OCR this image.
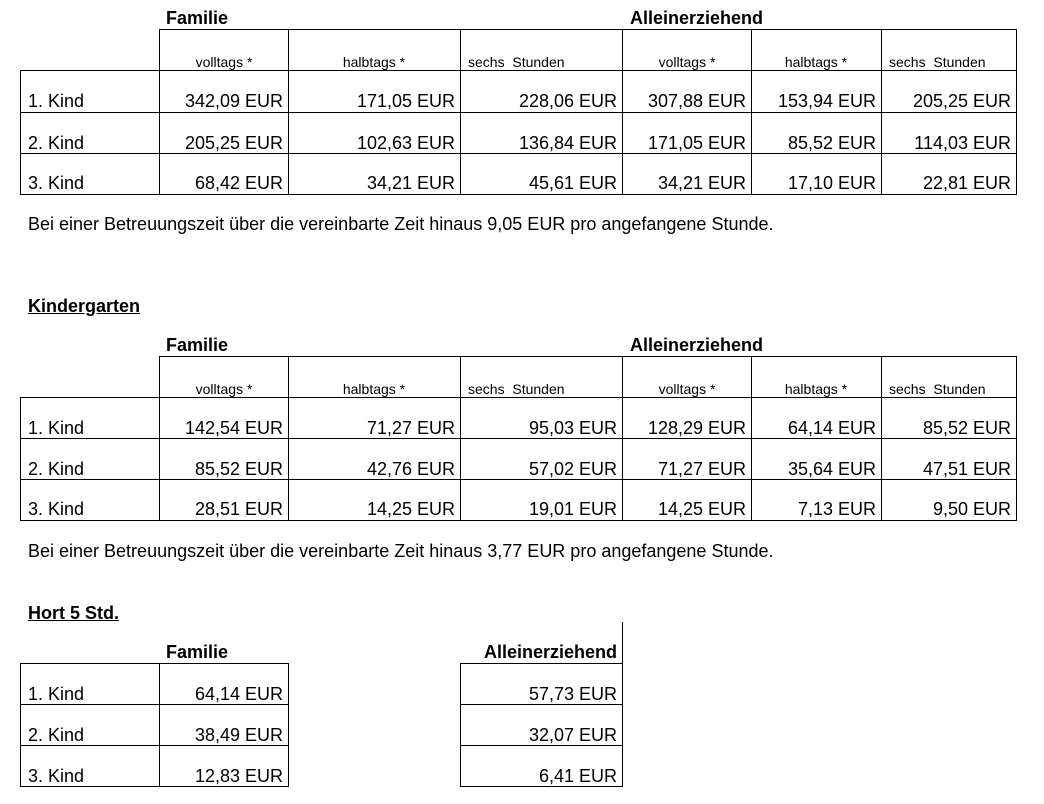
Familie	Alleinerziehend
volltags *	halbtags *	sechs  Stunden	volltags *	halbtags *	sechs  Stunden
1. Kind	342,09 EUR	171,05 EUR	228,06 EUR	307,88 EUR	153,94 EUR	205,25 EUR
2. Kind	205,25 EUR	102,63 EUR	136,84 EUR	171,05 EUR	85,52 EUR	114,03 EUR
3. Kind	68,42 EUR	34,21 EUR	45,61 EUR	34,21 EUR	17,10 EUR	22,81 EUR
Bei einer Betreuungszeit über die vereinbarte Zeit hinaus 9,05 EUR pro angefangene Stunde.
Kindergarten
Familie	Alleinerziehend
volltags *	halbtags *	sechs  Stunden	volltags *	halbtags *	sechs  Stunden
1. Kind	142,54 EUR	71,27 EUR	95,03 EUR	128,29 EUR	64,14 EUR	85,52 EUR
2. Kind	85,52 EUR	42,76 EUR	57,02 EUR	71,27 EUR	35,64 EUR	47,51 EUR
3. Kind	28,51 EUR	14,25 EUR	19,01 EUR	14,25 EUR	7,13 EUR	9,50 EUR
Bei einer Betreuungszeit über die vereinbarte Zeit hinaus 3,77 EUR pro angefangene Stunde.
Hort 5 Std.
Familie	Alleinerziehend
1. Kind	64,14 EUR	57,73 EUR
2. Kind	38,49 EUR	32,07 EUR
3. Kind	12,83 EUR	6,41 EUR
